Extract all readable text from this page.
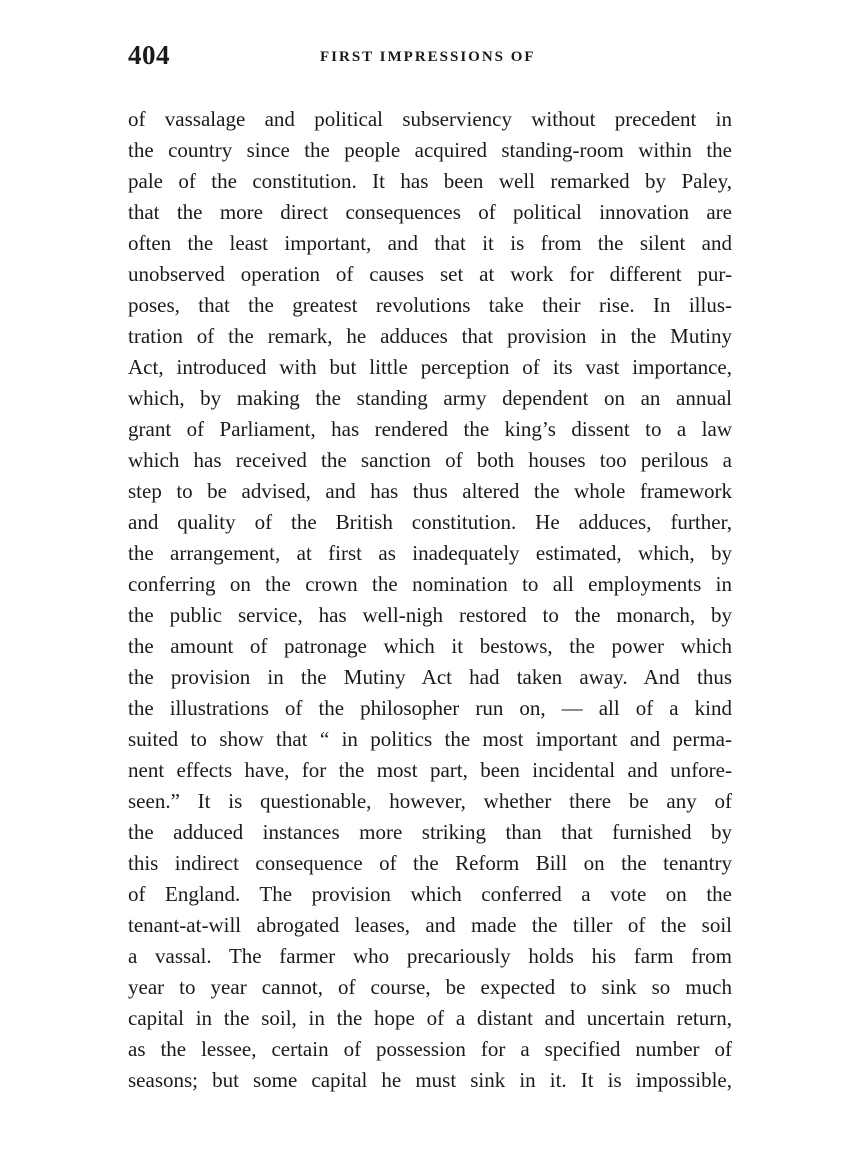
404	FIRST IMPRESSIONS OF
of vassalage and political subserviency without precedent in
the country since the people acquired standing-room within the
pale of the constitution. It has been well remarked by Paley,
that the more direct consequences of political innovation are
often the least important, and that it is from the silent and
unobserved operation of causes set at work for different pur-
poses, that the greatest revolutions take their rise. In illus-
tration of the remark, he adduces that provision in the Mutiny
Act, introduced with but little perception of its vast importance,
which, by making the standing army dependent on an annual
grant of Parliament, has rendered the king’s dissent to a law
which has received the sanction of both houses too perilous a
step to be advised, and has thus altered the whole framework
and quality of the British constitution. He adduces, further,
the arrangement, at first as inadequately estimated, which, by
conferring on the crown the nomination to all employments in
the public service, has well-nigh restored to the monarch, by
the amount of patronage which it bestows, the power which
the provision in the Mutiny Act had taken away. And thus
the illustrations of the philosopher run on, — all of a kind
suited to show that “ in politics the most important and perma-
nent effects have, for the most part, been incidental and unfore-
seen.” It is questionable, however, whether there be any of
the adduced instances more striking than that furnished by
this indirect consequence of the Reform Bill on the tenantry
of England. The provision which conferred a vote on the
tenant-at-will abrogated leases, and made the tiller of the soil
a vassal. The farmer who precariously holds his farm from
year to year cannot, of course, be expected to sink so much
capital in the soil, in the hope of a distant and uncertain return,
as the lessee, certain of possession for a specified number of
seasons; but some capital he must sink in it. It is impossible,
